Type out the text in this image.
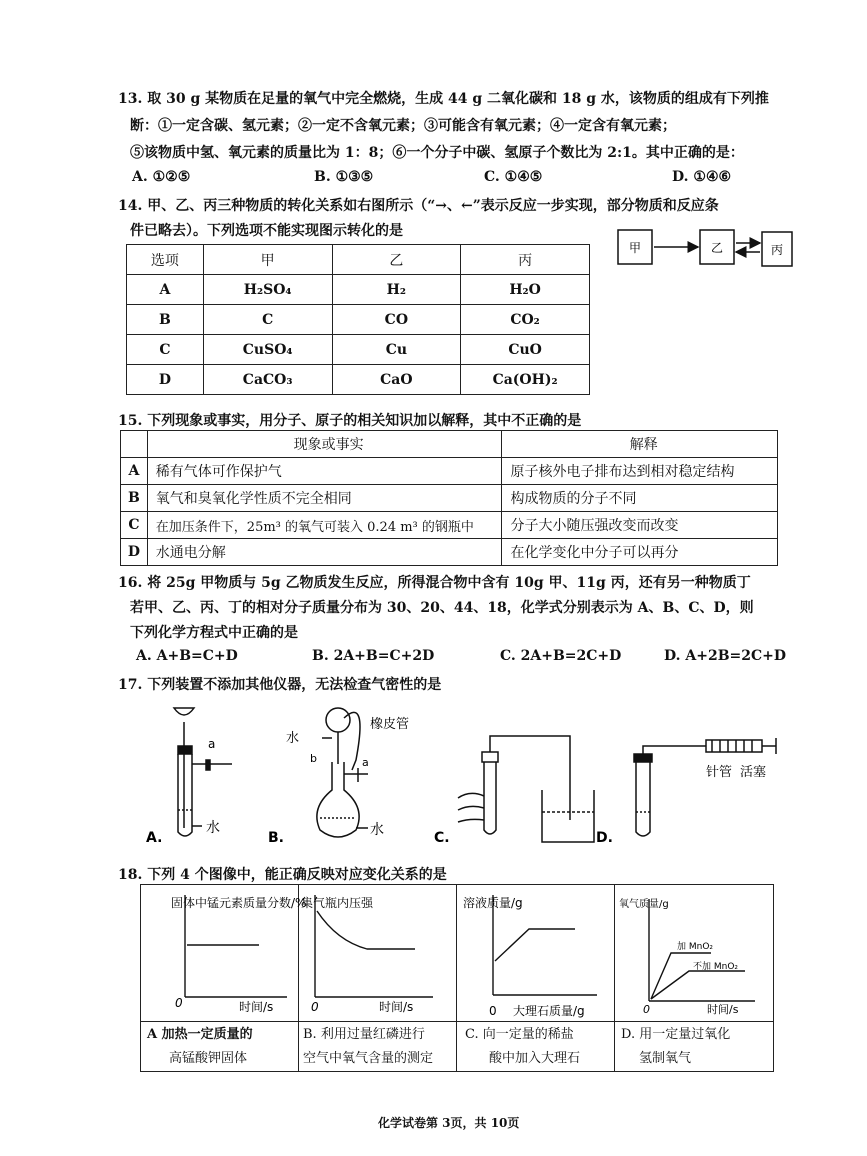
13. 取 30 g 某物质在足量的氧气中完全燃烧，生成 44 g 二氧化碳和 18 g 水，该物质的组成有下列推
断：①一定含碳、氢元素；②一定不含氧元素；③可能含有氧元素；④一定含有氧元素；
⑤该物质中氢、氧元素的质量比为 1：8；⑥一个分子中碳、氢原子个数比为 2:1。其中正确的是：
A. ①②⑤	B. ①③⑤	C. ①④⑤	D. ①④⑥
14. 甲、乙、丙三种物质的转化关系如右图所示（“→、←”表示反应一步实现，部分物质和反应条
件已略去）。下列选项不能实现图示转化的是
选项	甲	乙	丙
A	H₂SO₄	H₂	H₂O
B	C	CO	CO₂
C	CuSO₄	Cu	CuO
D	CaCO₃	CaO	Ca(OH)₂
甲	乙	丙
15. 下列现象或事实，用分子、原子的相关知识加以解释，其中不正确的是
	现象或事实	解释
A	稀有气体可作保护气	原子核外电子排布达到相对稳定结构
B	氧气和臭氧化学性质不完全相同	构成物质的分子不同
C	在加压条件下，25m³ 的氧气可装入 0.24 m³ 的钢瓶中	分子大小随压强改变而改变
D	水通电分解	在化学变化中分子可以再分
16. 将 25g 甲物质与 5g 乙物质发生反应，所得混合物中含有 10g 甲、11g 丙，还有另一种物质丁
若甲、乙、丙、丁的相对分子质量分布为 30、20、44、18，化学式分别表示为 A、B、C、D，则
下列化学方程式中正确的是
A. A+B=C+D	B. 2A+B=C+2D	C. 2A+B=2C+D	D. A+2B=2C+D
17. 下列装置不添加其他仪器，无法检查气密性的是
a
水
橡皮管
水
b	a
水
针管 活塞
A.	B.	C.	D.
18. 下列 4 个图像中，能正确反映对应变化关系的是
固体中锰元素质量分数/%
0	时间/s
集气瓶内压强
0	时间/s
溶液质量/g
0 大理石质量/g
氧气质量/g
加 MnO₂
不加 MnO₂
0	时间/s
A 加热一定质量的
高锰酸钾固体
B. 利用过量红磷进行
空气中氧气含量的测定
C. 向一定量的稀盐
酸中加入大理石
D. 用一定量过氧化
氢制氧气
化学试卷第 3页，共 10页
